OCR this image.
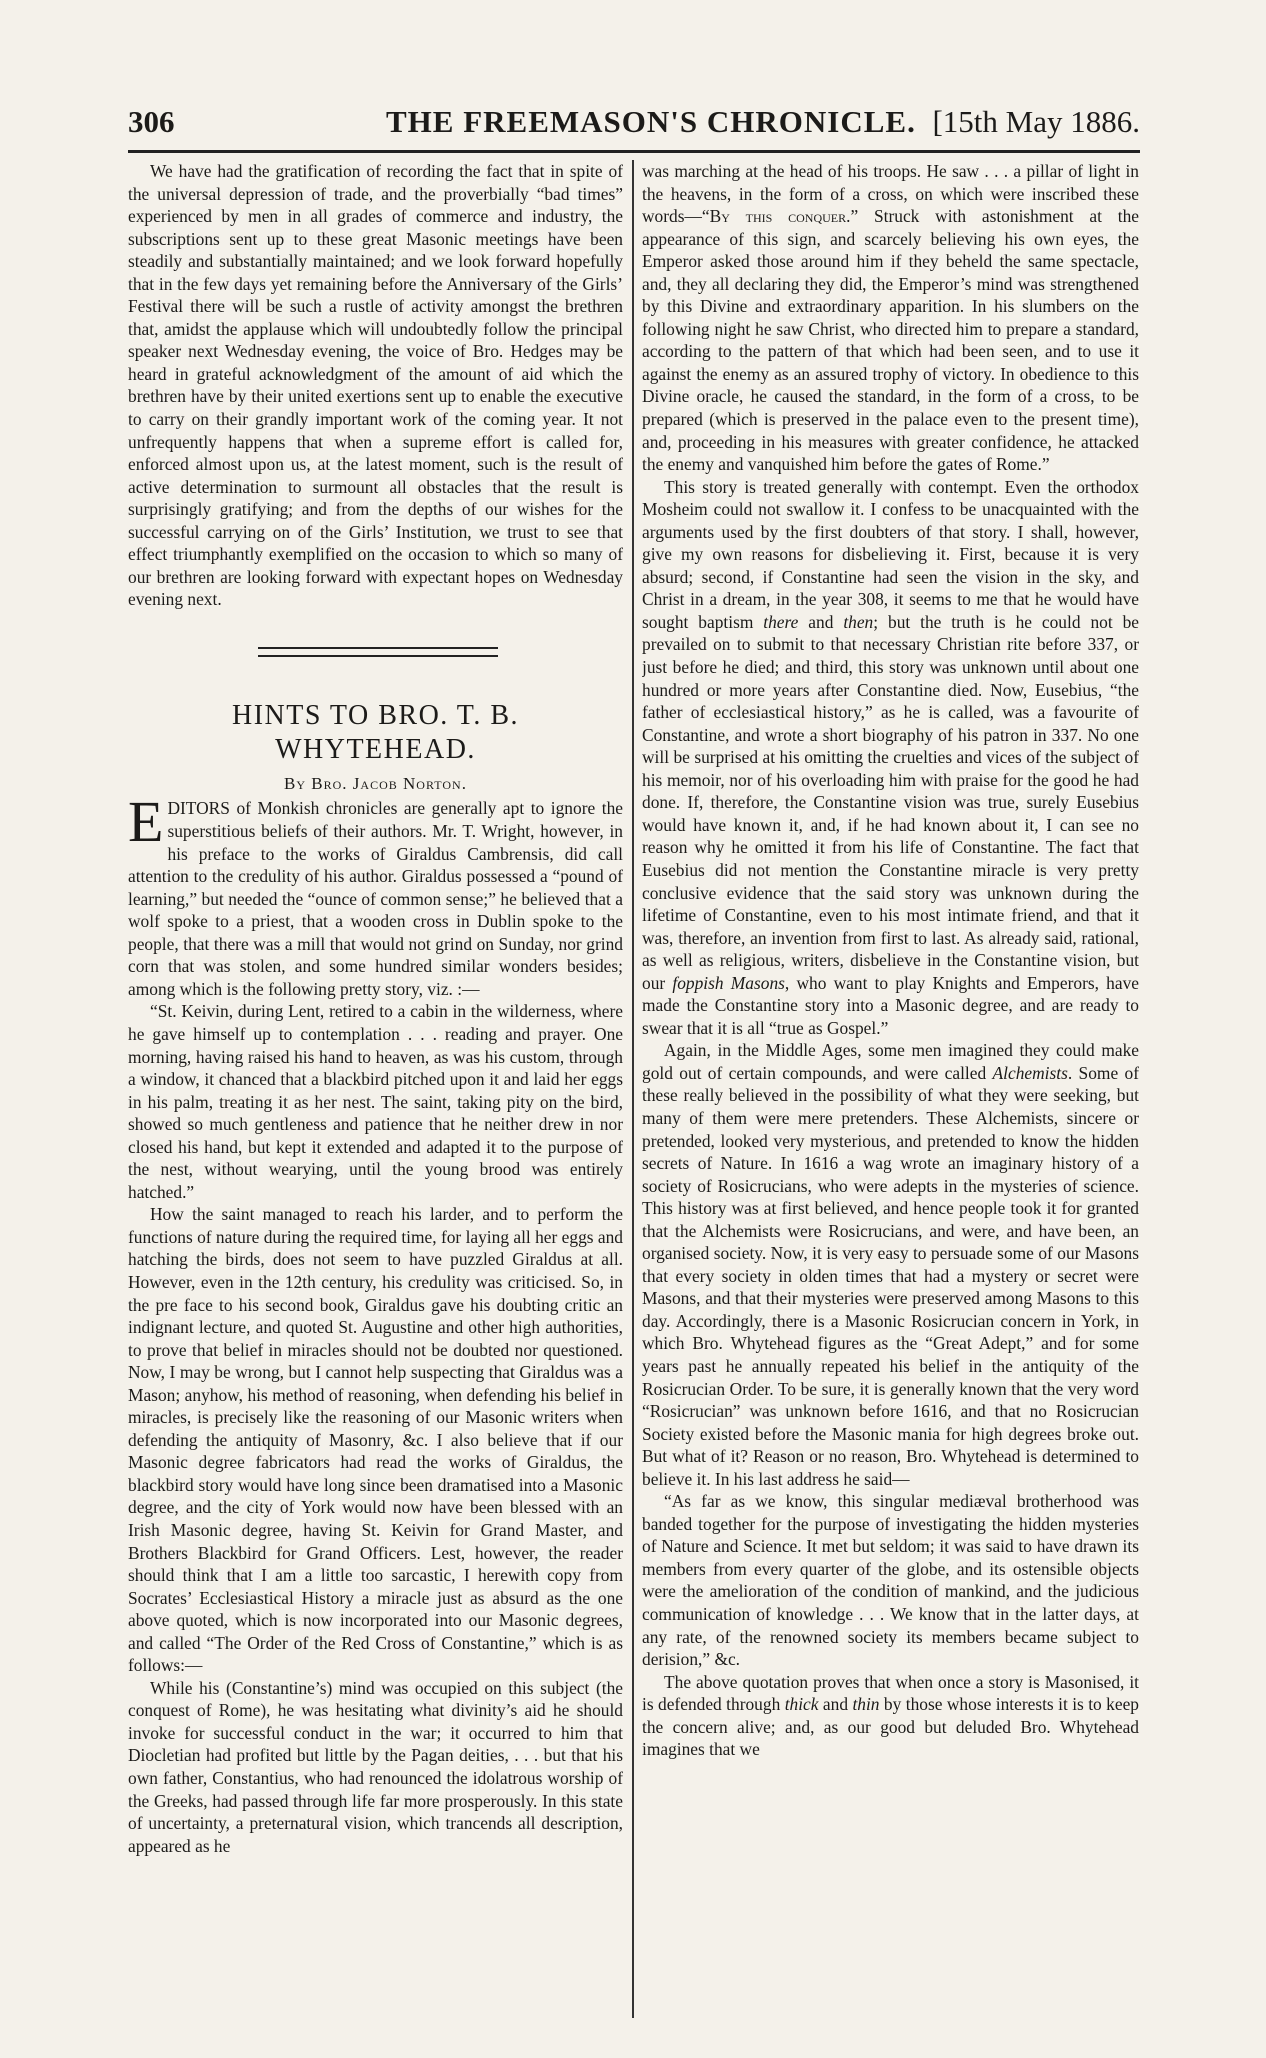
306	THE FREEMASON'S CHRONICLE. [15th May 1886.

We have had the gratification of recording the fact that in spite of the universal depression of trade, and the proverbially “bad times” experienced by men in all grades of commerce and industry, the subscriptions sent up to these great Masonic meetings have been steadily and substantially maintained; and we look forward hopefully that in the few days yet remaining before the Anniversary of the Girls’ Festival there will be such a rustle of activity amongst the brethren that, amidst the applause which will undoubtedly follow the principal speaker next Wednesday evening, the voice of Bro. Hedges may be heard in grateful acknowledgment of the amount of aid which the brethren have by their united exertions sent up to enable the executive to carry on their grandly important work of the coming year. It not unfrequently happens that when a supreme effort is called for, enforced almost upon us, at the latest moment, such is the result of active determination to surmount all obstacles that the result is surprisingly gratifying; and from the depths of our wishes for the successful carrying on of the Girls’ Institution, we trust to see that effect triumphantly exemplified on the occasion to which so many of our brethren are looking forward with expectant hopes on Wednesday evening next.

HINTS TO BRO. T. B. WHYTEHEAD.
By Bro. Jacob Norton.

EDITORS of Monkish chronicles are generally apt to ignore the superstitious beliefs of their authors. Mr. T. Wright, however, in his preface to the works of Giraldus Cambrensis, did call attention to the credulity of his author. Giraldus possessed a “pound of learning,” but needed the “ounce of common sense;” he believed that a wolf spoke to a priest, that a wooden cross in Dublin spoke to the people, that there was a mill that would not grind on Sunday, nor grind corn that was stolen, and some hundred similar wonders besides; among which is the following pretty story, viz. :—

“St. Keivin, during Lent, retired to a cabin in the wilderness, where he gave himself up to contemplation . . . reading and prayer. One morning, having raised his hand to heaven, as was his custom, through a window, it chanced that a blackbird pitched upon it and laid her eggs in his palm, treating it as her nest. The saint, taking pity on the bird, showed so much gentleness and patience that he neither drew in nor closed his hand, but kept it extended and adapted it to the purpose of the nest, without wearying, until the young brood was entirely hatched.”

How the saint managed to reach his larder, and to perform the functions of nature during the required time, for laying all her eggs and hatching the birds, does not seem to have puzzled Giraldus at all. However, even in the 12th century, his credulity was criticised. So, in the pre face to his second book, Giraldus gave his doubting critic an indignant lecture, and quoted St. Augustine and other high authorities, to prove that belief in miracles should not be doubted nor questioned. Now, I may be wrong, but I cannot help suspecting that Giraldus was a Mason; anyhow, his method of reasoning, when defending his belief in miracles, is precisely like the reasoning of our Masonic writers when defending the antiquity of Masonry, &c. I also believe that if our Masonic degree fabricators had read the works of Giraldus, the blackbird story would have long since been dramatised into a Masonic degree, and the city of York would now have been blessed with an Irish Masonic degree, having St. Keivin for Grand Master, and Brothers Blackbird for Grand Officers. Lest, however, the reader should think that I am a little too sarcastic, I herewith copy from Socrates’ Ecclesiastical History a miracle just as absurd as the one above quoted, which is now incorporated into our Masonic degrees, and called “The Order of the Red Cross of Constantine,” which is as follows:—

While his (Constantine’s) mind was occupied on this subject (the conquest of Rome), he was hesitating what divinity’s aid he should invoke for successful conduct in the war; it occurred to him that Diocletian had profited but little by the Pagan deities, . . . but that his own father, Constantius, who had renounced the idolatrous worship of the Greeks, had passed through life far more prosperously. In this state of uncertainty, a preternatural vision, which trancends all description, appeared as he

was marching at the head of his troops. He saw . . . a pillar of light in the heavens, in the form of a cross, on which were inscribed these words—“By this conquer.” Struck with astonishment at the appearance of this sign, and scarcely believing his own eyes, the Emperor asked those around him if they beheld the same spectacle, and, they all declaring they did, the Emperor’s mind was strengthened by this Divine and extraordinary apparition. In his slumbers on the following night he saw Christ, who directed him to prepare a standard, according to the pattern of that which had been seen, and to use it against the enemy as an assured trophy of victory. In obedience to this Divine oracle, he caused the standard, in the form of a cross, to be prepared (which is preserved in the palace even to the present time), and, proceeding in his measures with greater confidence, he attacked the enemy and vanquished him before the gates of Rome.”

This story is treated generally with contempt. Even the orthodox Mosheim could not swallow it. I confess to be unacquainted with the arguments used by the first doubters of that story. I shall, however, give my own reasons for disbelieving it. First, because it is very absurd; second, if Constantine had seen the vision in the sky, and Christ in a dream, in the year 308, it seems to me that he would have sought baptism there and then; but the truth is he could not be prevailed on to submit to that necessary Christian rite before 337, or just before he died; and third, this story was unknown until about one hundred or more years after Constantine died. Now, Eusebius, “the father of ecclesiastical history,” as he is called, was a favourite of Constantine, and wrote a short biography of his patron in 337. No one will be surprised at his omitting the cruelties and vices of the subject of his memoir, nor of his overloading him with praise for the good he had done. If, therefore, the Constantine vision was true, surely Eusebius would have known it, and, if he had known about it, I can see no reason why he omitted it from his life of Constantine. The fact that Eusebius did not mention the Constantine miracle is very pretty conclusive evidence that the said story was unknown during the lifetime of Constantine, even to his most intimate friend, and that it was, therefore, an invention from first to last. As already said, rational, as well as religious, writers, disbelieve in the Constantine vision, but our foppish Masons, who want to play Knights and Emperors, have made the Constantine story into a Masonic degree, and are ready to swear that it is all “true as Gospel.”

Again, in the Middle Ages, some men imagined they could make gold out of certain compounds, and were called Alchemists. Some of these really believed in the possibility of what they were seeking, but many of them were mere pretenders. These Alchemists, sincere or pretended, looked very mysterious, and pretended to know the hidden secrets of Nature. In 1616 a wag wrote an imaginary history of a society of Rosicrucians, who were adepts in the mysteries of science. This history was at first believed, and hence people took it for granted that the Alchemists were Rosicrucians, and were, and have been, an organised society. Now, it is very easy to persuade some of our Masons that every society in olden times that had a mystery or secret were Masons, and that their mysteries were preserved among Masons to this day. Accordingly, there is a Masonic Rosicrucian concern in York, in which Bro. Whytehead figures as the “Great Adept,” and for some years past he annually repeated his belief in the antiquity of the Rosicrucian Order. To be sure, it is generally known that the very word “Rosicrucian” was unknown before 1616, and that no Rosicrucian Society existed before the Masonic mania for high degrees broke out. But what of it? Reason or no reason, Bro. Whytehead is determined to believe it. In his last address he said—

“As far as we know, this singular mediæval brotherhood was banded together for the purpose of investigating the hidden mysteries of Nature and Science. It met but seldom; it was said to have drawn its members from every quarter of the globe, and its ostensible objects were the amelioration of the condition of mankind, and the judicious communication of knowledge . . . We know that in the latter days, at any rate, of the renowned society its members became subject to derision,” &c.

The above quotation proves that when once a story is Masonised, it is defended through thick and thin by those whose interests it is to keep the concern alive; and, as our good but deluded Bro. Whytehead imagines that we
